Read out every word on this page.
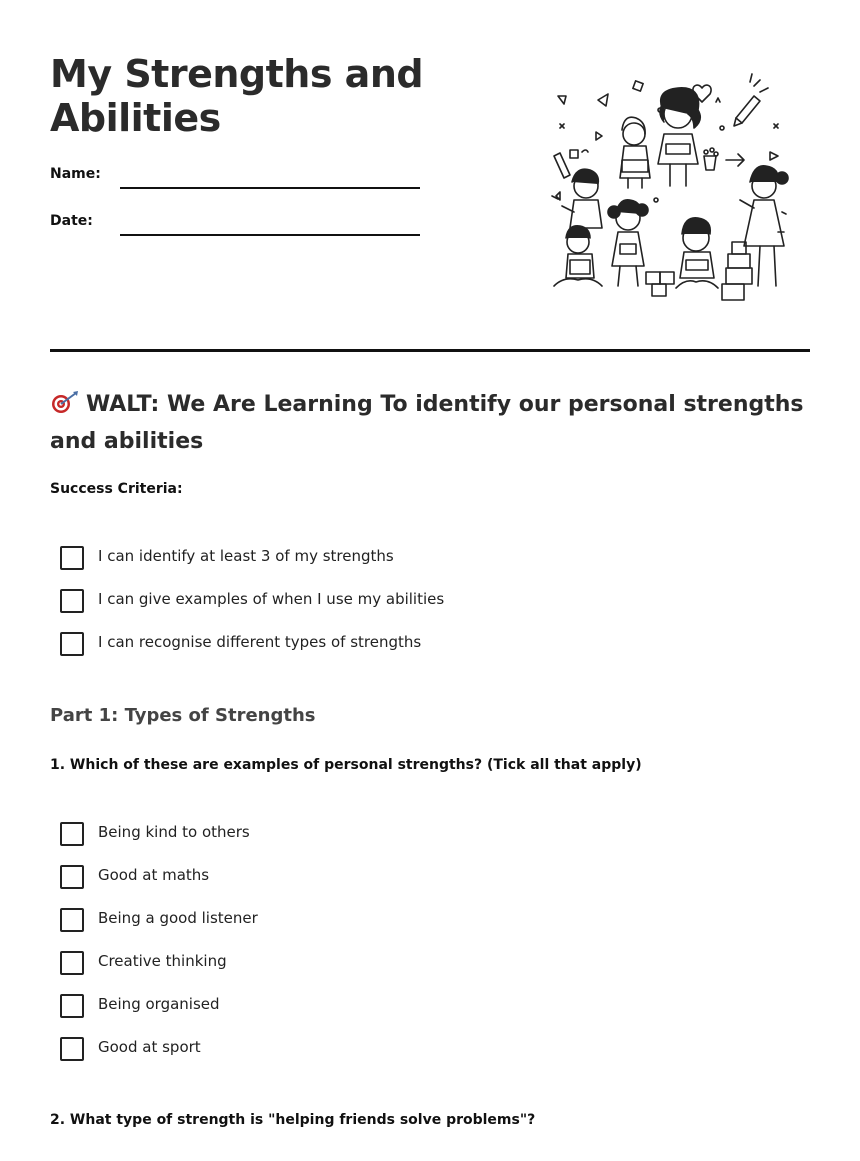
My Strengths and Abilities
Name:
Date:
WALT: We Are Learning To identify our personal strengths and abilities
Success Criteria:
I can identify at least 3 of my strengths
I can give examples of when I use my abilities
I can recognise different types of strengths
Part 1: Types of Strengths

1. Which of these are examples of personal strengths? (Tick all that apply)

Being kind to others
Good at maths
Being a good listener
Creative thinking
Being organised
Good at sport

2. What type of strength is "helping friends solve problems"?
